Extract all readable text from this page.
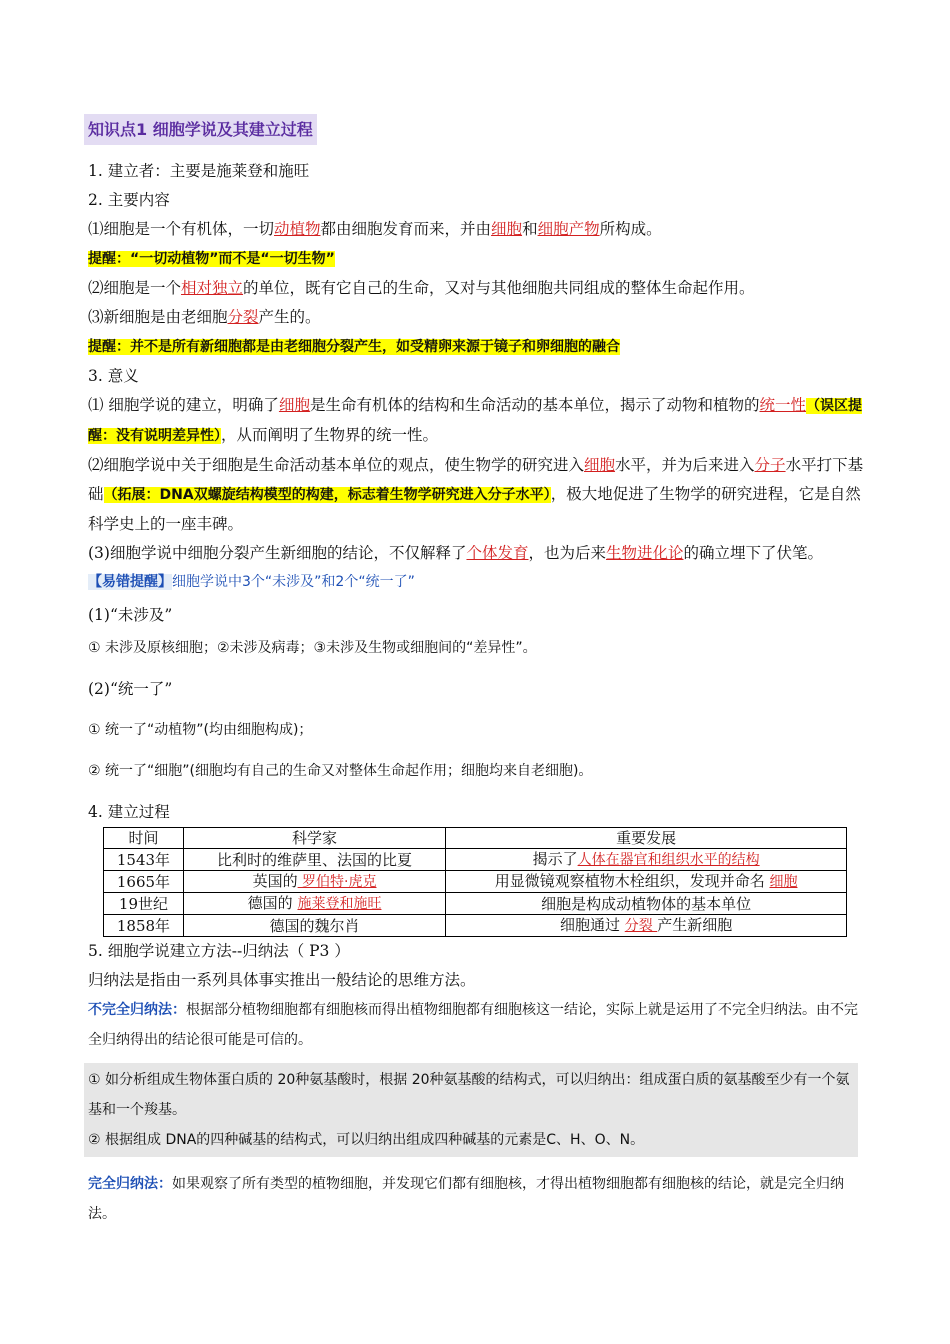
知识点1 细胞学说及其建立过程
1. 建立者：主要是施莱登和施旺
2. 主要内容
⑴细胞是一个有机体，一切动植物都由细胞发育而来，并由细胞和细胞产物所构成。
提醒：“一切动植物”而不是“一切生物”
⑵细胞是一个相对独立的单位，既有它自己的生命，又对与其他细胞共同组成的整体生命起作用。
⑶新细胞是由老细胞分裂产生的。
提醒：并不是所有新细胞都是由老细胞分裂产生，如受精卵来源于镜子和卵细胞的融合
3. 意义
⑴ 细胞学说的建立，明确了细胞是生命有机体的结构和生命活动的基本单位，揭示了动物和植物的统一性（误区提醒：没有说明差异性），从而阐明了生物界的统一性。
⑵细胞学说中关于细胞是生命活动基本单位的观点，使生物学的研究进入细胞水平，并为后来进入分子水平打下基础（拓展：DNA双螺旋结构模型的构建，标志着生物学研究进入分子水平），极大地促进了生物学的研究进程，它是自然科学史上的一座丰碑。
(3)细胞学说中细胞分裂产生新细胞的结论，不仅解释了个体发育，也为后来生物进化论的确立埋下了伏笔。
【易错提醒】细胞学说中3个“未涉及”和2个“统一了”
(1)“未涉及”
① 未涉及原核细胞；②未涉及病毒；③未涉及生物或细胞间的“差异性”。
(2)“统一了”
① 统一了“动植物”(均由细胞构成)；
② 统一了“细胞”(细胞均有自己的生命又对整体生命起作用；细胞均来自老细胞)。
4. 建立过程
时间	科学家	重要发展
1543年	比利时的维萨里、法国的比夏	揭示了人体在器官和组织水平的结构
1665年	英国的 罗伯特·虎克	用显微镜观察植物木栓组织，发现并命名 细胞
19世纪	德国的 施莱登和施旺	细胞是构成动植物体的基本单位
1858年	德国的魏尔肖	细胞通过 分裂 产生新细胞
5. 细胞学说建立方法--归纳法（ P3 ）
归纳法是指由一系列具体事实推出一般结论的思维方法。
不完全归纳法：根据部分植物细胞都有细胞核而得出植物细胞都有细胞核这一结论，实际上就是运用了不完全归纳法。由不完全归纳得出的结论很可能是可信的。
① 如分析组成生物体蛋白质的 20种氨基酸时，根据 20种氨基酸的结构式，可以归纳出：组成蛋白质的氨基酸至少有一个氨基和一个羧基。
② 根据组成 DNA的四种碱基的结构式，可以归纳出组成四种碱基的元素是C、H、O、N。
完全归纳法：如果观察了所有类型的植物细胞，并发现它们都有细胞核，才得出植物细胞都有细胞核的结论，就是完全归纳法。
